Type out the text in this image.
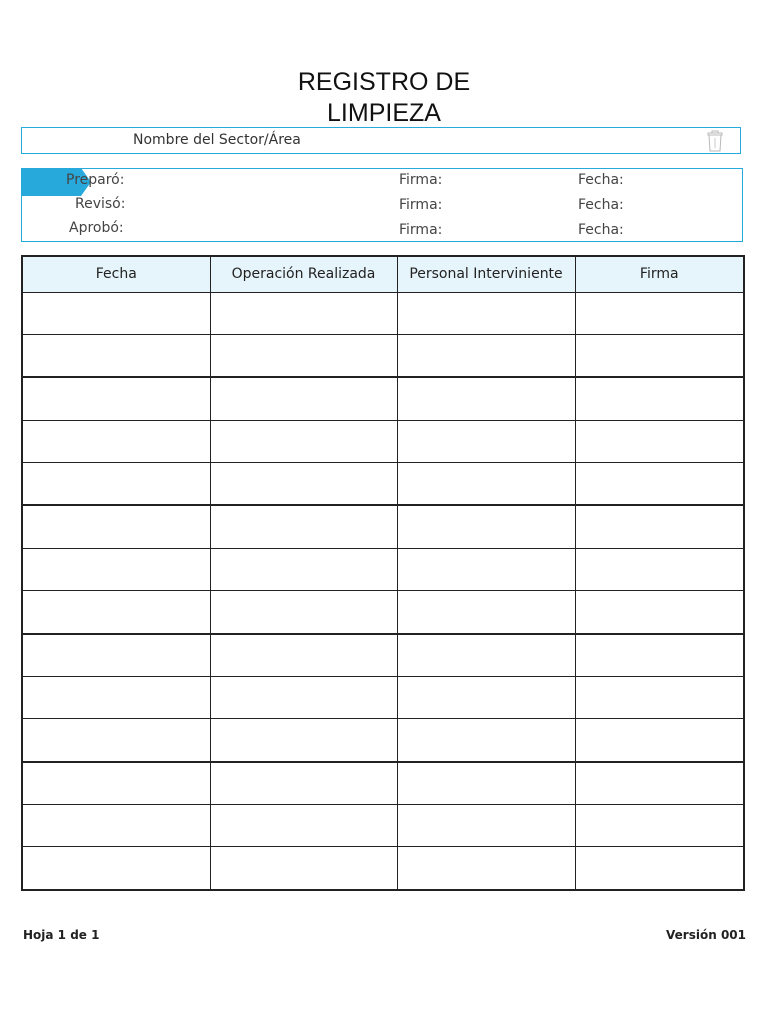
REGISTRO DE
LIMPIEZA
Nombre del Sector/Área
Preparó:	Firma:	Fecha:
Revisó:	Firma:	Fecha:
Aprobó:	Firma:	Fecha:
Fecha	Operación Realizada	Personal Interviniente	Firma

Hoja 1 de 1	Versión 001
